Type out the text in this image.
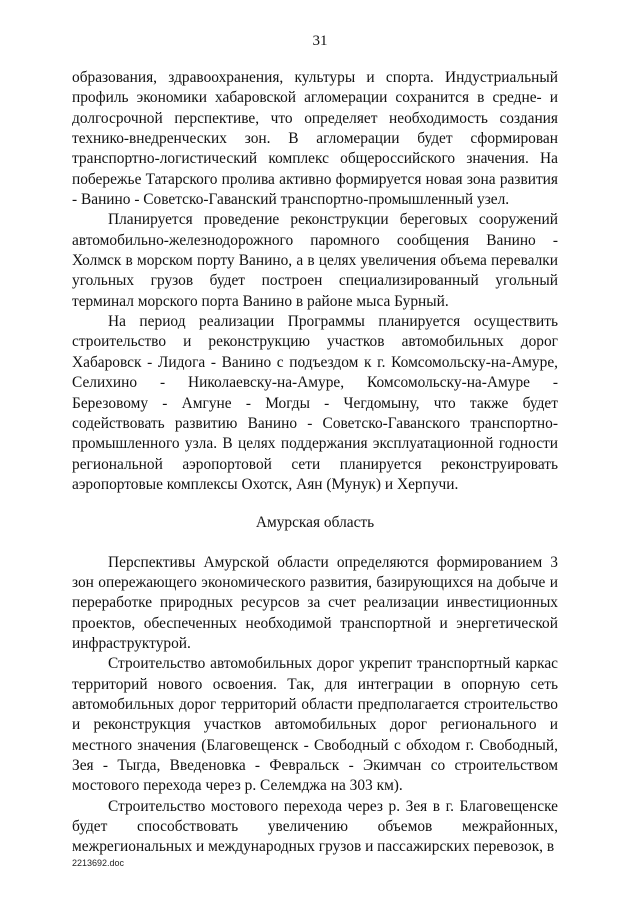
31

образования, здравоохранения, культуры и спорта. Индустриальный профиль экономики хабаровской агломерации сохранится в средне- и долгосрочной перспективе, что определяет необходимость создания технико-внедренческих зон. В агломерации будет сформирован транспортно-логистический комплекс общероссийского значения. На побережье Татарского пролива активно формируется новая зона развития - Ванино - Советско-Гаванский транспортно-промышленный узел.

Планируется проведение реконструкции береговых сооружений автомобильно-железнодорожного паромного сообщения Ванино - Холмск в морском порту Ванино, а в целях увеличения объема перевалки угольных грузов будет построен специализированный угольный терминал морского порта Ванино в районе мыса Бурный.

На период реализации Программы планируется осуществить строительство и реконструкцию участков автомобильных дорог Хабаровск - Лидога - Ванино с подъездом к г. Комсомольску-на-Амуре, Селихино - Николаевску-на-Амуре, Комсомольску-на-Амуре - Березовому - Амгуне - Могды - Чегдомыну, что также будет содействовать развитию Ванино - Советско-Гаванского транспортно-промышленного узла. В целях поддержания эксплуатационной годности региональной аэропортовой сети планируется реконструировать аэропортовые комплексы Охотск, Аян (Мунук) и Херпучи.

Амурская область

Перспективы Амурской области определяются формированием 3 зон опережающего экономического развития, базирующихся на добыче и переработке природных ресурсов за счет реализации инвестиционных проектов, обеспеченных необходимой транспортной и энергетической инфраструктурой.

Строительство автомобильных дорог укрепит транспортный каркас территорий нового освоения. Так, для интеграции в опорную сеть автомобильных дорог территорий области предполагается строительство и реконструкция участков автомобильных дорог регионального и местного значения (Благовещенск - Свободный с обходом г. Свободный, Зея - Тыгда, Введеновка - Февральск - Экимчан со строительством мостового перехода через р. Селемджа на 303 км).

Строительство мостового перехода через р. Зея в г. Благовещенске будет способствовать увеличению объемов межрайонных, межрегиональных и международных грузов и пассажирских перевозок, в

2213692.doc
